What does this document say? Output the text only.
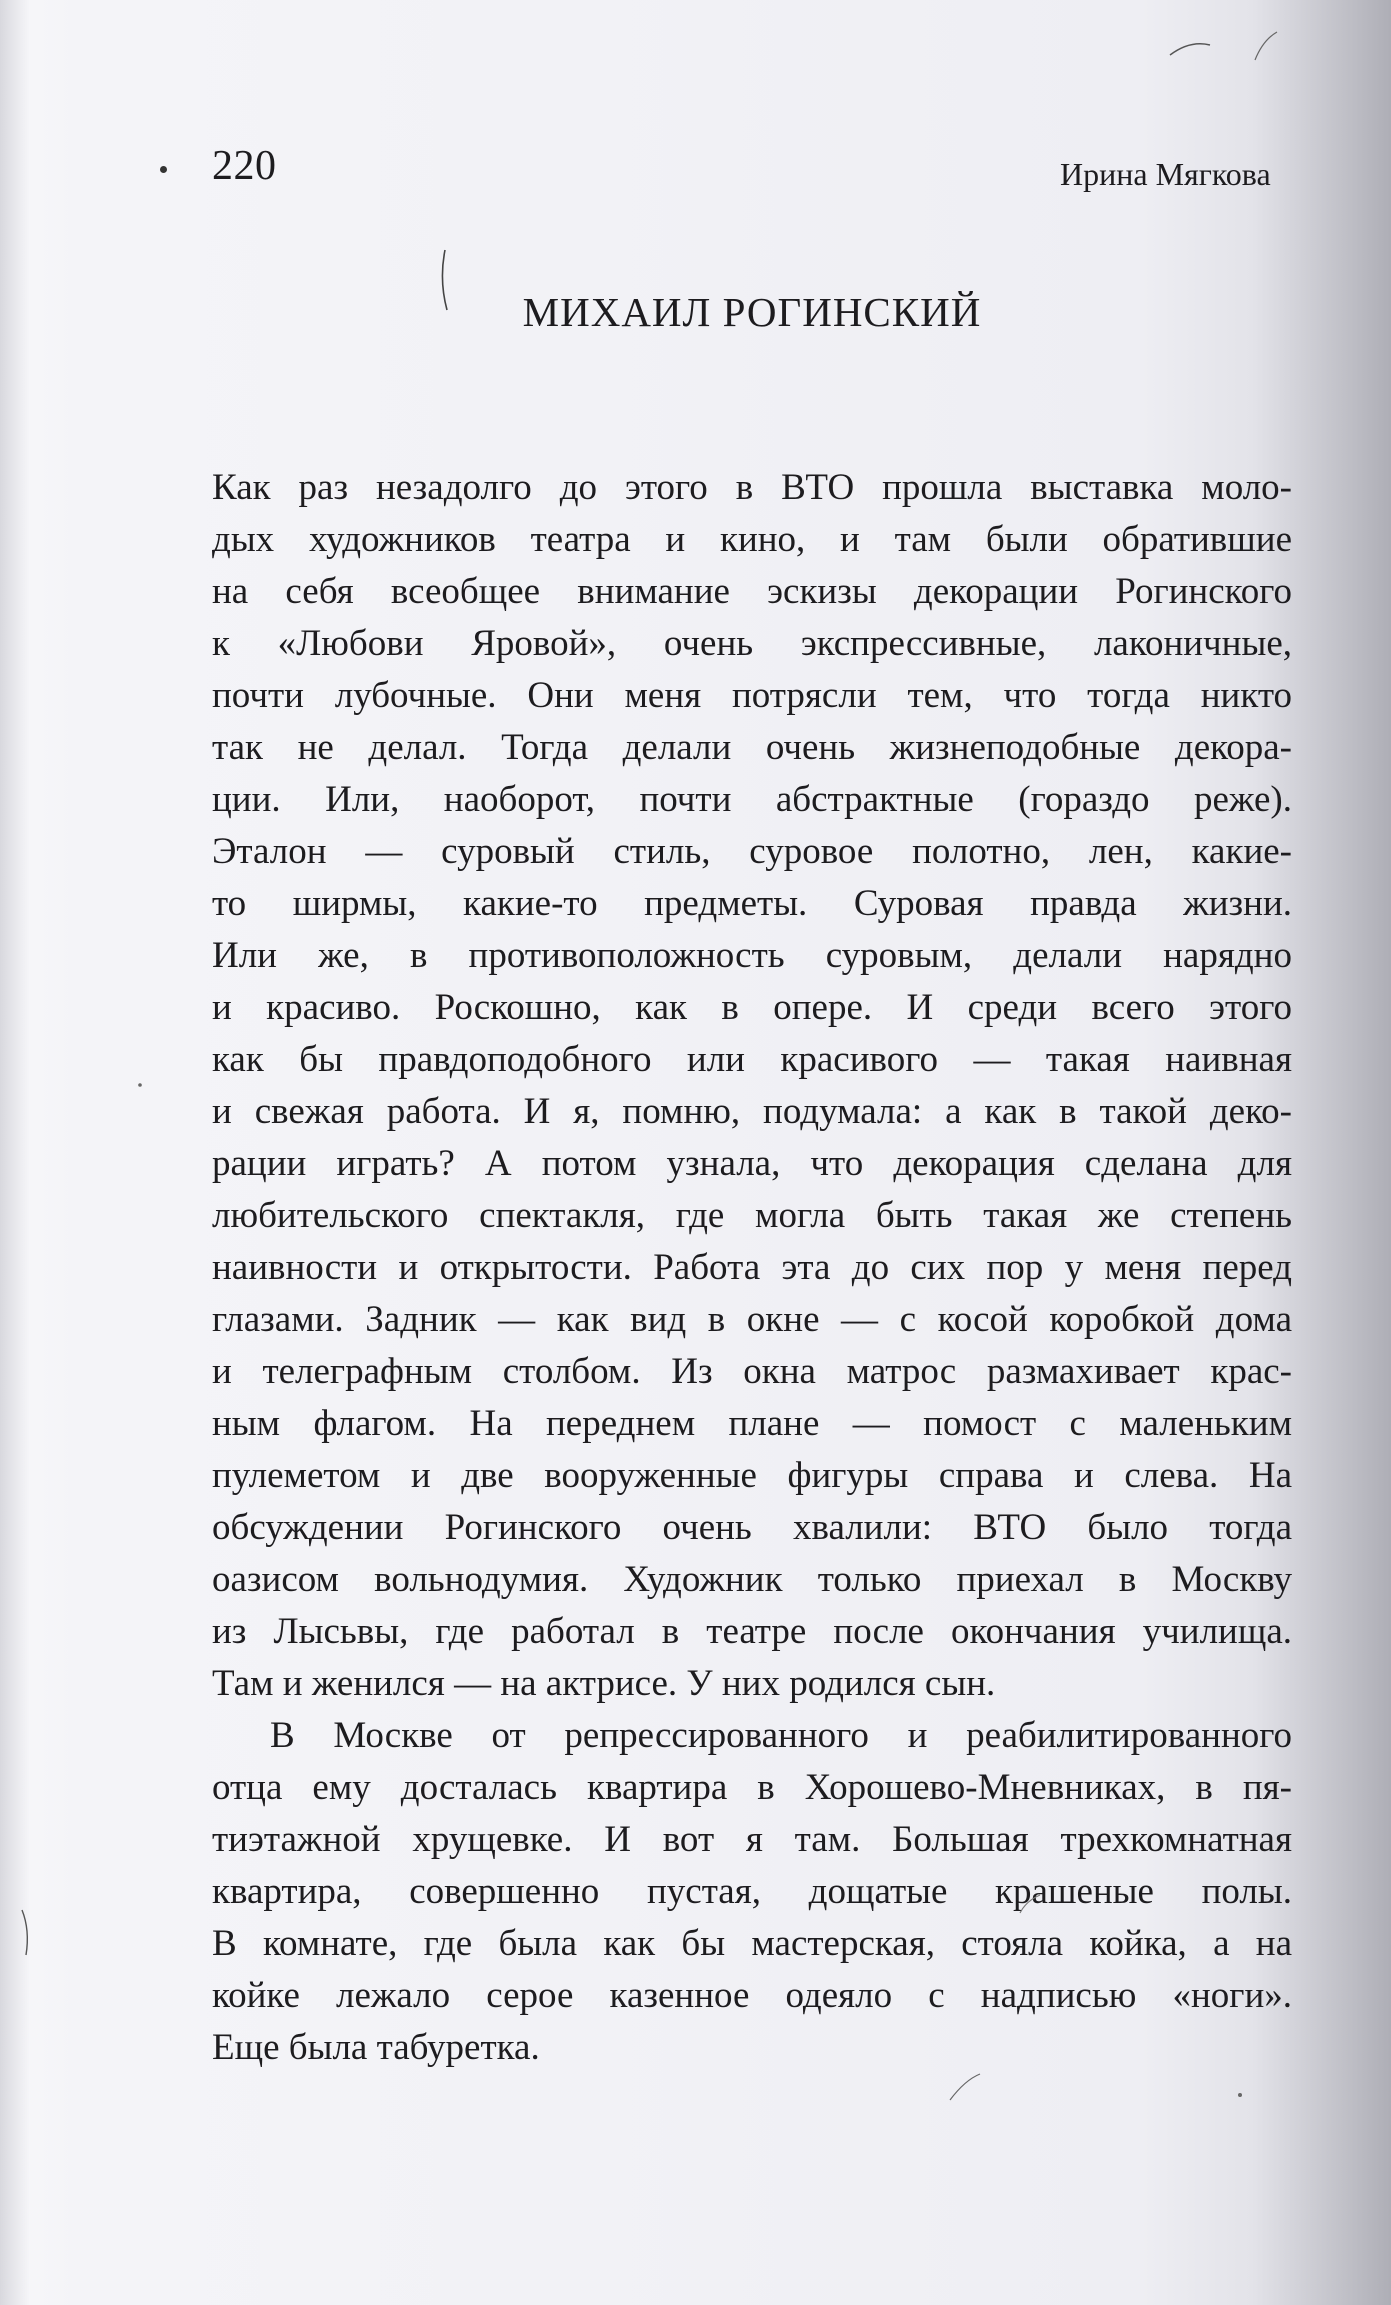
220	Ирина Мягкова
МИХАИЛ РОГИНСКИЙ
Как раз незадолго до этого в ВТО прошла выставка моло-
дых художников театра и кино, и там были обратившие
на себя всеобщее внимание эскизы декорации Рогинского
к «Любови Яровой», очень экспрессивные, лаконичные,
почти лубочные. Они меня потрясли тем, что тогда никто
так не делал. Тогда делали очень жизнеподобные декора-
ции. Или, наоборот, почти абстрактные (гораздо реже).
Эталон — суровый стиль, суровое полотно, лен, какие-
то ширмы, какие-то предметы. Суровая правда жизни.
Или же, в противоположность суровым, делали нарядно
и красиво. Роскошно, как в опере. И среди всего этого
как бы правдоподобного или красивого — такая наивная
и свежая работа. И я, помню, подумала: а как в такой деко-
рации играть? А потом узнала, что декорация сделана для
любительского спектакля, где могла быть такая же степень
наивности и открытости. Работа эта до сих пор у меня перед
глазами. Задник — как вид в окне — с косой коробкой дома
и телеграфным столбом. Из окна матрос размахивает крас-
ным флагом. На переднем плане — помост с маленьким
пулеметом и две вооруженные фигуры справа и слева. На
обсуждении Рогинского очень хвалили: ВТО было тогда
оазисом вольнодумия. Художник только приехал в Москву
из Лысьвы, где работал в театре после окончания училища.
Там и женился — на актрисе. У них родился сын.
В Москве от репрессированного и реабилитированного
отца ему досталась квартира в Хорошево-Мневниках, в пя-
тиэтажной хрущевке. И вот я там. Большая трехкомнатная
квартира, совершенно пустая, дощатые крашеные полы.
В комнате, где была как бы мастерская, стояла койка, а на
койке лежало серое казенное одеяло с надписью «ноги».
Еще была табуретка.
